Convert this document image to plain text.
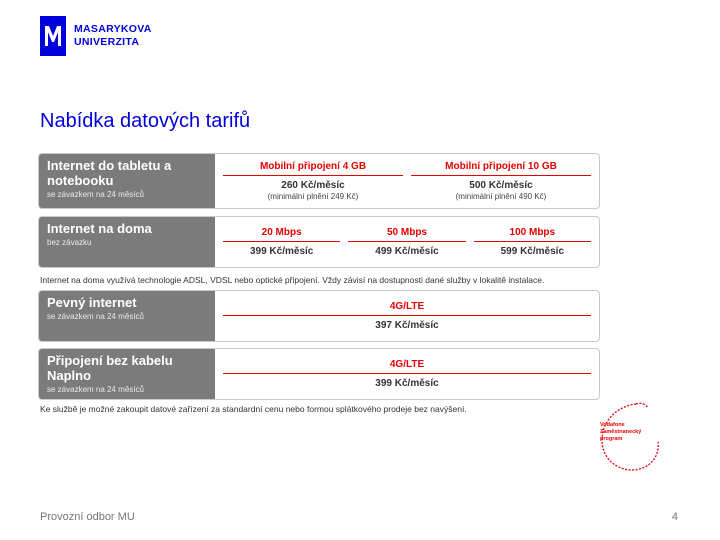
MASARYKOVA
UNIVERZITA
Nabídka datových tarifů
Internet do tabletu a notebooku
se závazkem na 24 měsíců
Mobilní připojení 4 GB
260 Kč/měsíc
(minimální plnění 249 Kč)
Mobilní připojení 10 GB
500 Kč/měsíc
(minimální plnění 490 Kč)
Internet na doma
bez závazku
20 Mbps
399 Kč/měsíc
50 Mbps
499 Kč/měsíc
100 Mbps
599 Kč/měsíc
Internet na doma využívá technologie ADSL, VDSL nebo optické připojení. Vždy závisí na dostupnosti dané služby v lokalitě instalace.
Pevný internet
se závazkem na 24 měsíců
4G/LTE
397 Kč/měsíc
Připojení bez kabelu Naplno
se závazkem na 24 měsíců
4G/LTE
399 Kč/měsíc
Ke službě je možné zakoupit datové zařízení za standardní cenu nebo formou splátkového prodeje bez navýšení.
Vodafone Zaměstnanecký program
Provozní odbor MU	4
